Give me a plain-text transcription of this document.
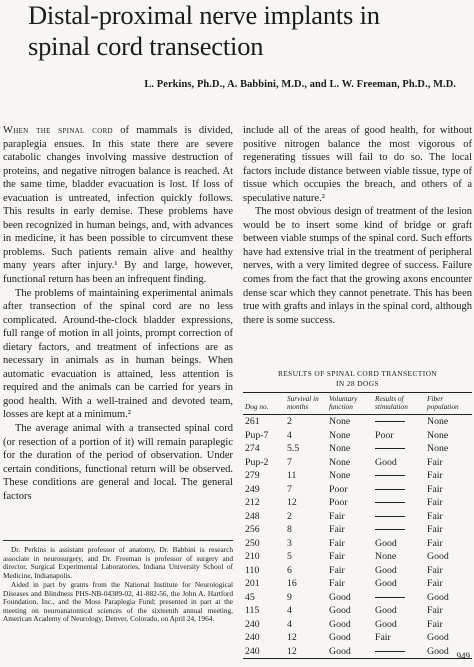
Distal-proximal nerve implants in
spinal cord transection
L. Perkins, Ph.D., A. Babbini, M.D., and L. W. Freeman, Ph.D., M.D.

When the spinal cord of mammals is divided, paraplegia ensues. In this state there are severe catabolic changes involving massive destruction of proteins, and negative nitrogen balance is reached. At the same time, bladder evacuation is lost. If loss of evacuation is untreated, infection quickly follows. This results in early demise. These problems have been recognized in human beings, and, with advances in medicine, it has been possible to circumvent these problems. Such patients remain alive and healthy many years after injury.¹ By and large, however, functional return has been an infrequent finding.

The problems of maintaining experimental animals after transection of the spinal cord are no less complicated. Around-the-clock bladder expressions, full range of motion in all joints, prompt correction of dietary factors, and treatment of infections are as necessary in animals as in human beings. When automatic evacuation is attained, less attention is required and the animals can be carried for years in good health. With a well-trained and devoted team, losses are kept at a minimum.²

The average animal with a transected spinal cord (or resection of a portion of it) will remain paraplegic for the duration of the period of observation. Under certain conditions, functional return will be observed. These conditions are general and local. The general factors

include all of the areas of good health, for without positive nitrogen balance the most vigorous of regenerating tissues will fail to do so. The local factors include distance between viable tissue, type of tissue which occupies the breach, and others of a speculative nature.²

The most obvious design of treatment of the lesion would be to insert some kind of bridge or graft between viable stumps of the spinal cord. Such efforts have had extensive trial in the treatment of peripheral nerves, with a very limited degree of success. Failure comes from the fact that the growing axons encounter dense scar which they cannot penetrate. This has been true with grafts and inlays in the spinal cord, although there is some success.

Dr. Perkins is assistant professor of anatomy, Dr. Babbini is research associate in neurosurgery, and Dr. Freeman is professor of surgery and director, Surgical Experimental Laboratories, Indiana University School of Medicine, Indianapolis.

Aided in part by grants from the National Institute for Neurological Diseases and Blindness PHS-NB-04389-02, 41-882-56, the John A. Hartford Foundation, Inc., and the Moss Paraplegia Fund; presented in part at the meeting on neuroanatomical sciences of the sixteenth annual meeting, American Academy of Neurology, Denver, Colorado, on April 24, 1964.

RESULTS OF SPINAL CORD TRANSECTION
IN 28 DOGS
Dog no.	Survival in months	Voluntary function	Results of stimulation	Fiber population
261	2	None		None
Pup-7	4	None	Poor	None
274	5.5	None		None
Pup-2	7	None	Good	Fair
279	11	None		Fair
249	7	Poor		Fair
212	12	Poor		Fair
248	2	Fair		Fair
256	8	Fair		Fair
250	3	Fair	Good	Fair
210	5	Fair	None	Good
110	6	Fair	Good	Fair
201	16	Fair	Good	Fair
45	9	Good		Good
115	4	Good	Good	Fair
240	4	Good	Good	Fair
240	12	Good	Fair	Good
240	12	Good		Good 949
